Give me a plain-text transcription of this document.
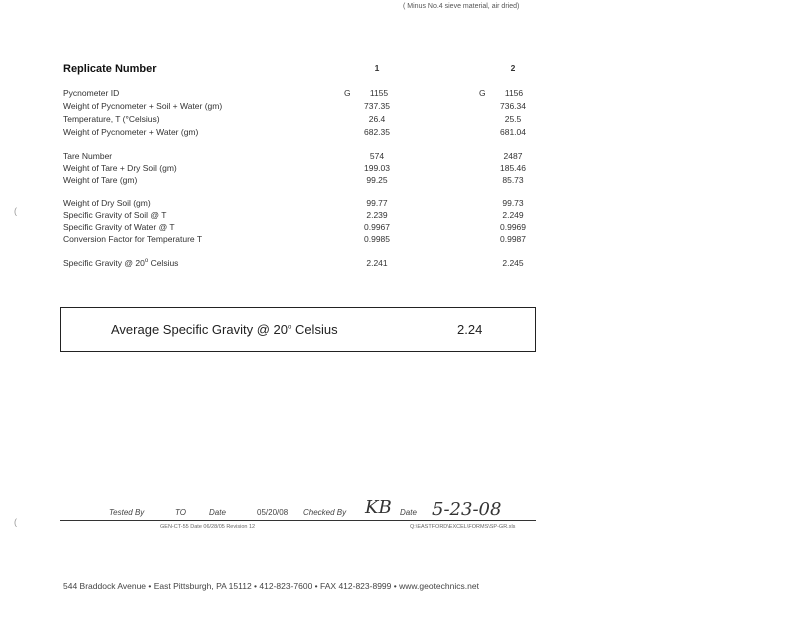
( Minus No.4 sieve material, air dried)
Replicate Number	1	2
Pycnometer ID	G	1155	G	1156
Weight of Pycnometer + Soil + Water (gm)	737.35	736.34
Temperature, T (°Celsius)	26.4	25.5
Weight of Pycnometer + Water (gm)	682.35	681.04
Tare Number	574	2487
Weight of Tare + Dry Soil (gm)	199.03	185.46
Weight of Tare (gm)	99.25	85.73
Weight of Dry Soil (gm)	99.77	99.73
Specific Gravity of Soil @ T	2.239	2.249
Specific Gravity of Water @ T	0.9967	0.9969
Conversion Factor for Temperature T	0.9985	0.9987
Specific Gravity @ 20$^o$ Celsius	2.241	2.245
Average Specific Gravity @ 20$^o$ Celsius	2.24
(
(
Tested By	TO	Date	05/20/08 Checked By KB Date 5-23-08
GEN-CT-55 Date 06/28/05 Revision 12	Q:\EASTFORD\EXCEL\FORMS\SP-GR.xls
544 Braddock Avenue • East Pittsburgh, PA 15112 • 412-823-7600 • FAX 412-823-8999 • www.geotechnics.net
